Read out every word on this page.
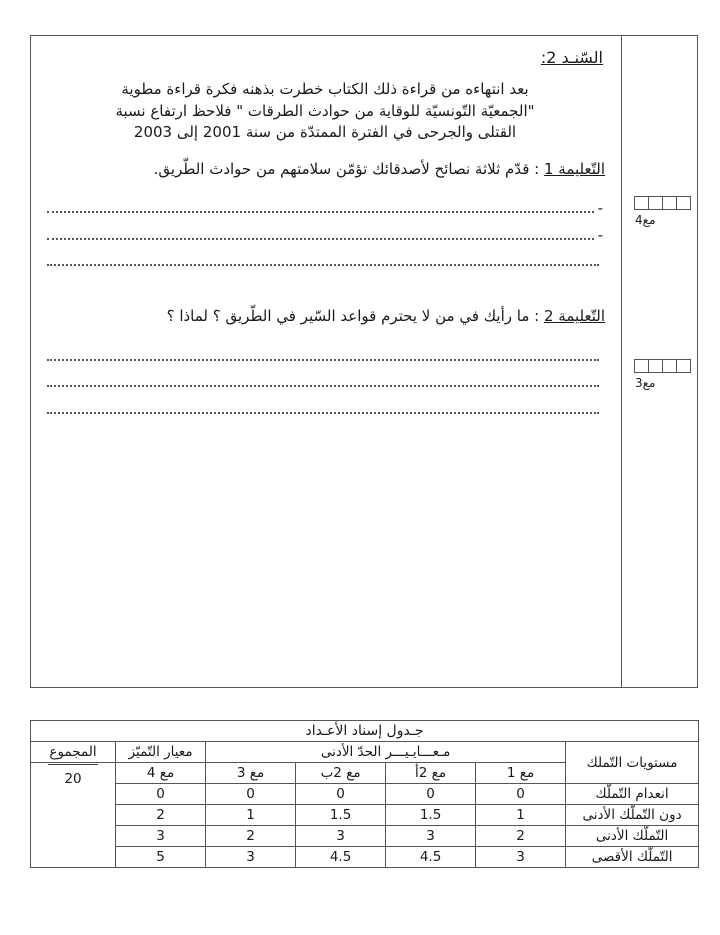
مع4
مع3
السّنـد 2:
بعد انتهاءه من قراءة ذلك الكتاب خطرت بذهنه فكرة قراءة مطوية
"الجمعيّة التّونسيّة للوقاية من حوادث الطرقات " فلاحظ ارتفاع نسبة
القتلى والجرحى في الفترة الممتدّة من سنة 2001 إلى 2003

التّعليمة 1 : قدّم ثلاثة نصائح لأصدقائك تؤمّن سلامتهم من حوادث الطّريق.

-
-

التّعليمة 2 : ما رأيك في من لا يحترم قواعد السّير في الطّريق ؟ لماذا ؟

جـدول إسناد الأعـداد						
مستويات التّملك	مـعـــايـيـــر الحدّ الأدنى				معيار التّميّز	المجموع
	مع 1	مع 2أ	مع 2ب	مع 3	مع 4	20

انعدام التّملّك	0	0	0	0	0	
دون التّملّك الأدنى	1	1.5	1.5	1	2	
التّملّك الأدنى	2	3	3	2	3	
التّملّك الأقصى	3	4.5	4.5	3	5	
